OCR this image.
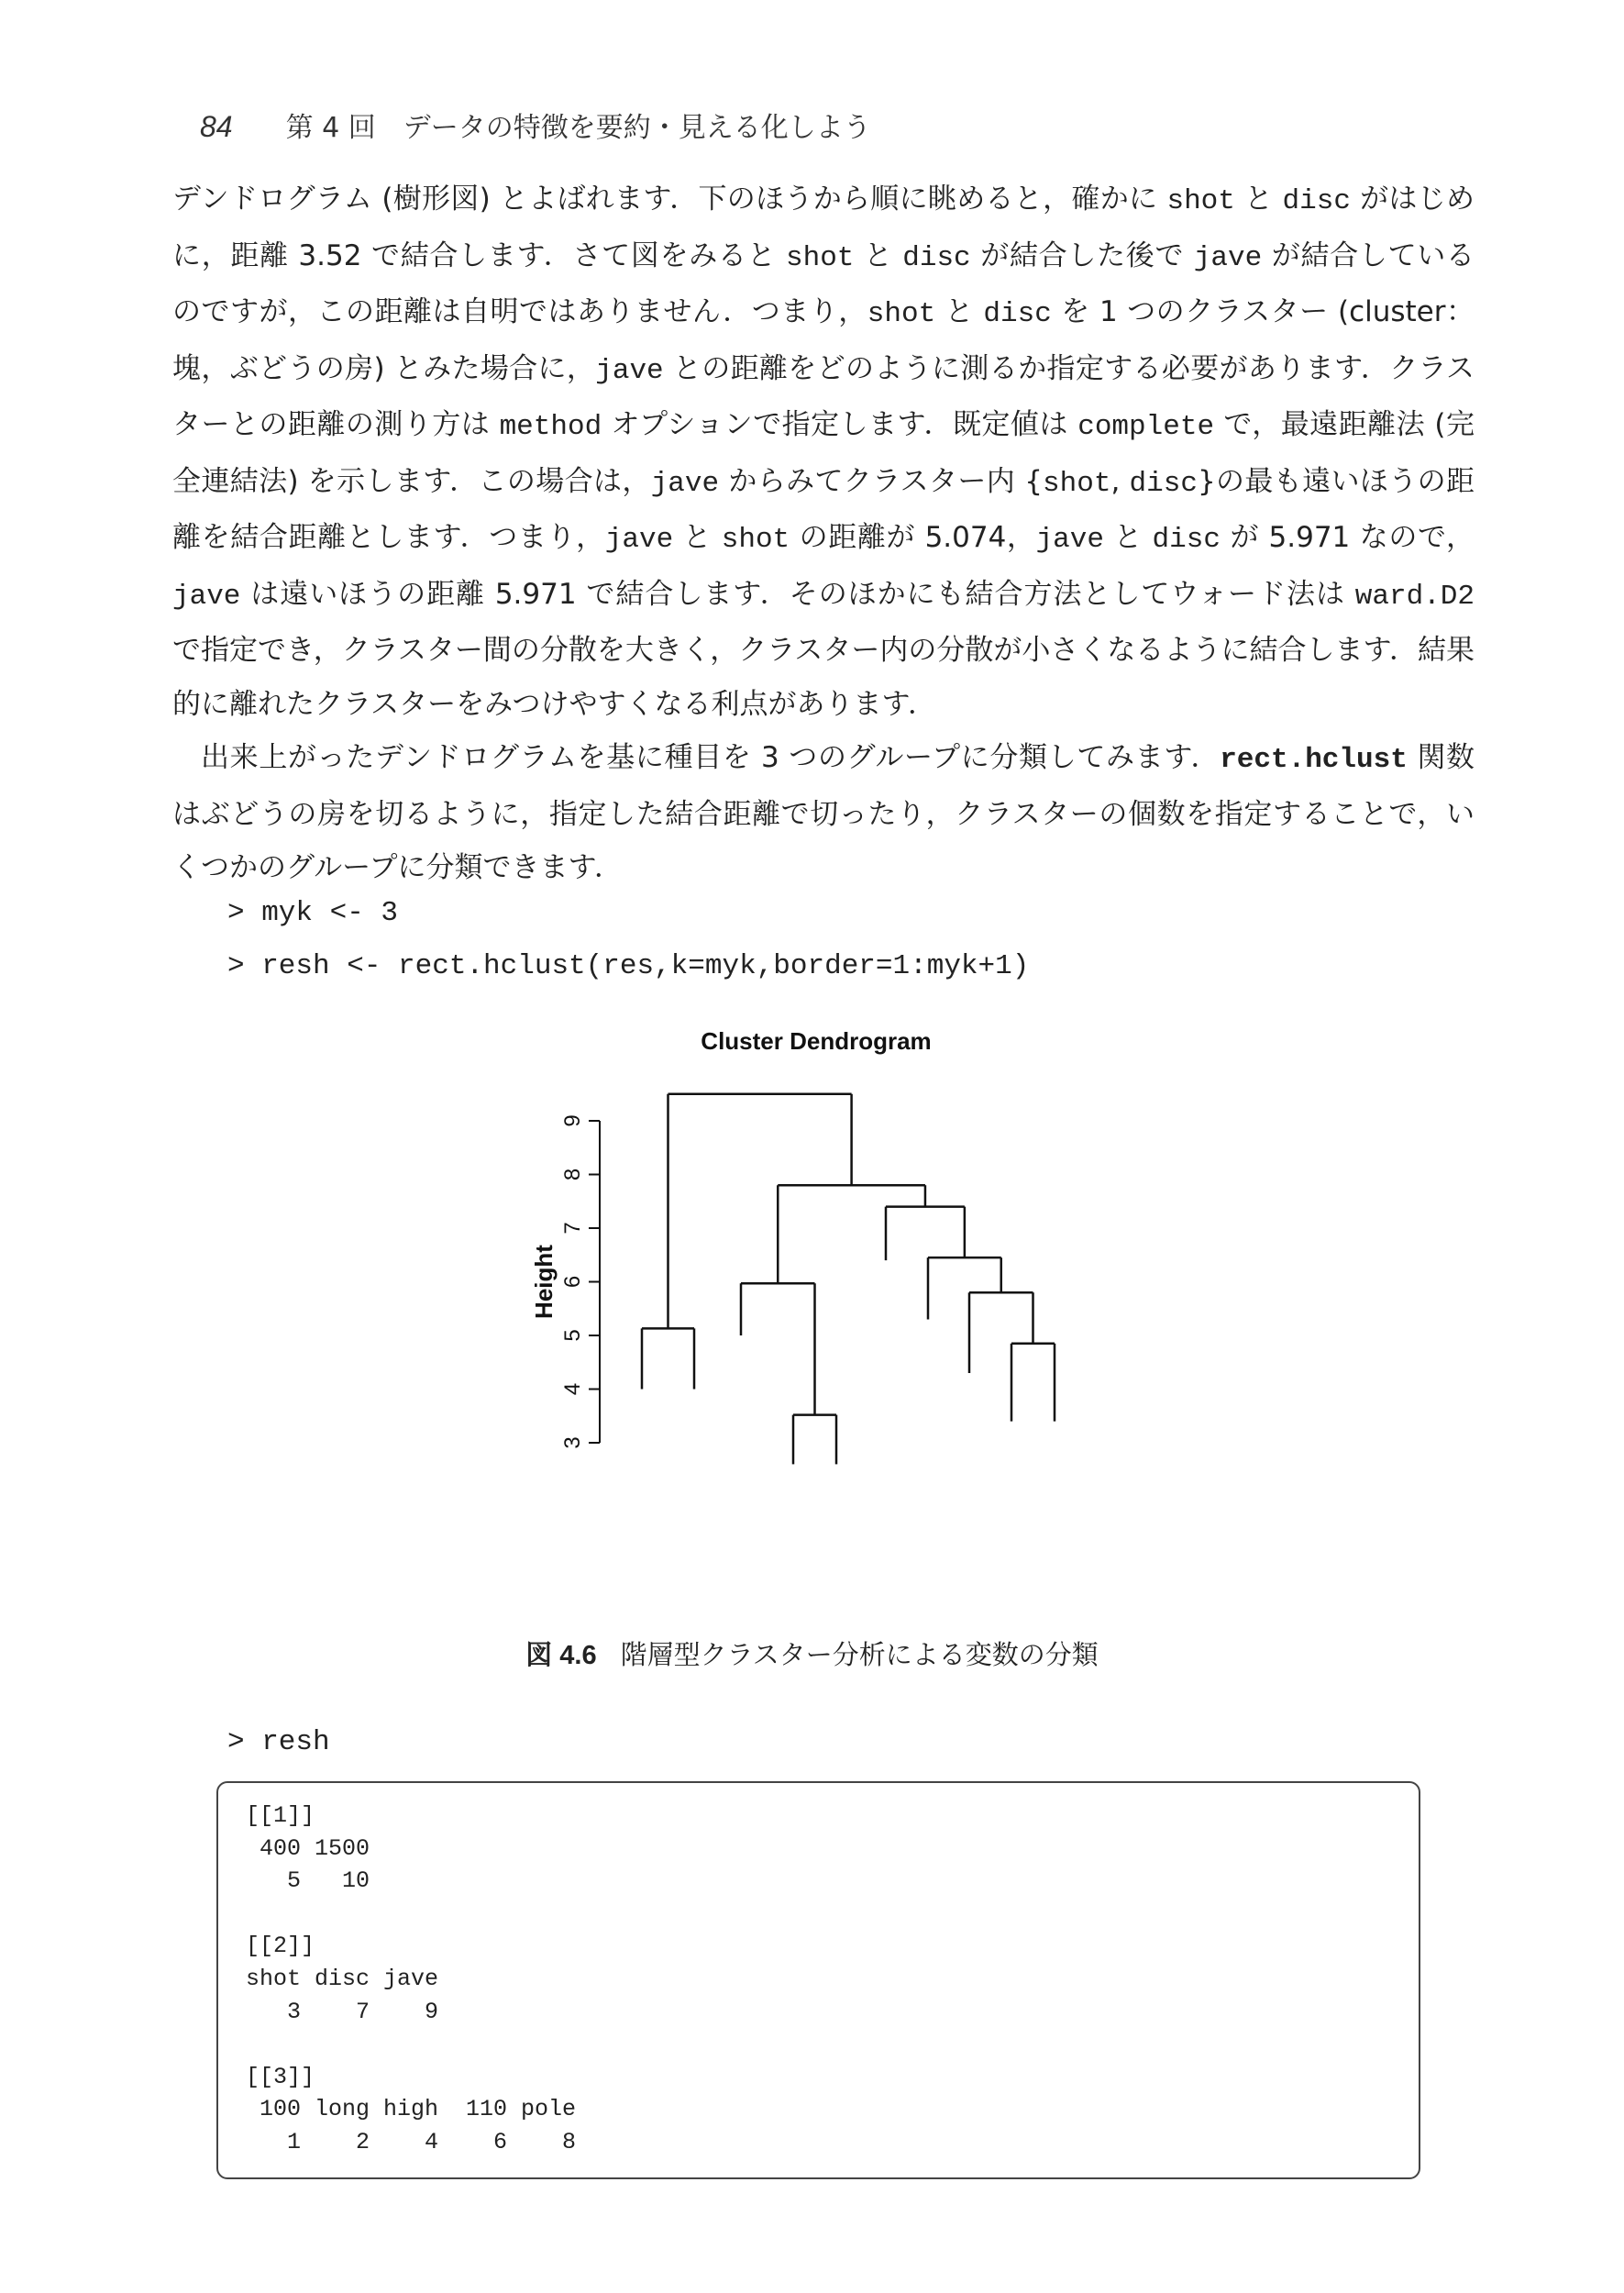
84 第 4 回　データの特徴を要約・見える化しよう

デンドログラム (樹形図) とよばれます．下のほうから順に眺めると，確かに shot と disc がはじめに，距離 3.52 で結合します．さて図をみると shot と disc が結合した後で jave が結合しているのですが，この距離は自明ではありません．つまり，shot と disc を 1 つのクラスター (cluster：塊，ぶどうの房) とみた場合に，jave との距離をどのように測るか指定する必要があります．クラスターとの距離の測り方は method オプションで指定します．既定値は complete で，最遠距離法 (完全連結法) を示します．この場合は，jave からみてクラスター内 {shot, disc}の最も遠いほうの距離を結合距離とします．つまり，jave と shot の距離が 5.074，jave と disc が 5.971 なので，jave は遠いほうの距離 5.971 で結合します．そのほかにも結合方法としてウォード法は ward.D2 で指定でき，クラスター間の分散を大きく，クラスター内の分散が小さくなるように結合します．結果的に離れたクラスターをみつけやすくなる利点があります．

出来上がったデンドログラムを基に種目を 3 つのグループに分類してみます．rect.hclust 関数はぶどうの房を切るように，指定した結合距離で切ったり，クラスターの個数を指定することで，いくつかのグループに分類できます．

> myk <- 3
> resh <- rect.hclust(res,k=myk,border=1:myk+1)
Cluster Dendrogram
3
4
5
6
7
8
9
Height
図 4.6 階層型クラスター分析による変数の分類
> resh
[[1]]
400 1500
5   10

[[2]]
shot disc jave
3    7    9

[[3]]
100 long high  110 pole
1    2    4    6    8
